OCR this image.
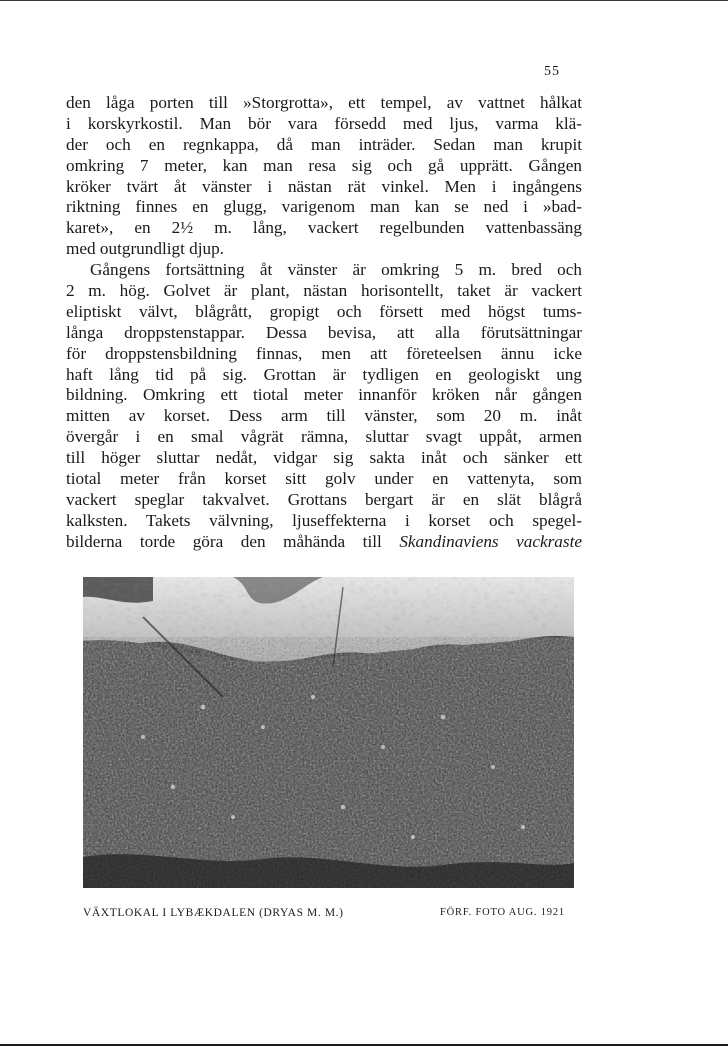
55
den låga porten till »Storgrotta», ett tempel, av vattnet hålkat
i korskyrkostil. Man bör vara försedd med ljus, varma klä-
der och en regnkappa, då man inträder. Sedan man krupit
omkring 7 meter, kan man resa sig och gå upprätt. Gången
kröker tvärt åt vänster i nästan rät vinkel. Men i ingångens
riktning finnes en glugg, varigenom man kan se ned i »bad-
karet», en 2½ m. lång, vackert regelbunden vattenbassäng
med outgrundligt djup.
Gångens fortsättning åt vänster är omkring 5 m. bred och
2 m. hög. Golvet är plant, nästan horisontellt, taket är vackert
eliptiskt välvt, blågrått, gropigt och försett med högst tums-
långa droppstenstappar. Dessa bevisa, att alla förutsättningar
för droppstensbildning finnas, men att företeelsen ännu icke
haft lång tid på sig. Grottan är tydligen en geologiskt ung
bildning. Omkring ett tiotal meter innanför kröken når gången
mitten av korset. Dess arm till vänster, som 20 m. inåt
övergår i en smal vågrät rämna, sluttar svagt uppåt, armen
till höger sluttar nedåt, vidgar sig sakta inåt och sänker ett
tiotal meter från korset sitt golv under en vattenyta, som
vackert speglar takvalvet. Grottans bergart är en slät blågrå
kalksten. Takets välvning, ljuseffekterna i korset och spegel-
bilderna torde göra den måhända till Skandinaviens vackraste
VÄXTLOKAL I LYBÆKDALEN (DRYAS M. M.)	FÖRF. FOTO AUG. 1921
